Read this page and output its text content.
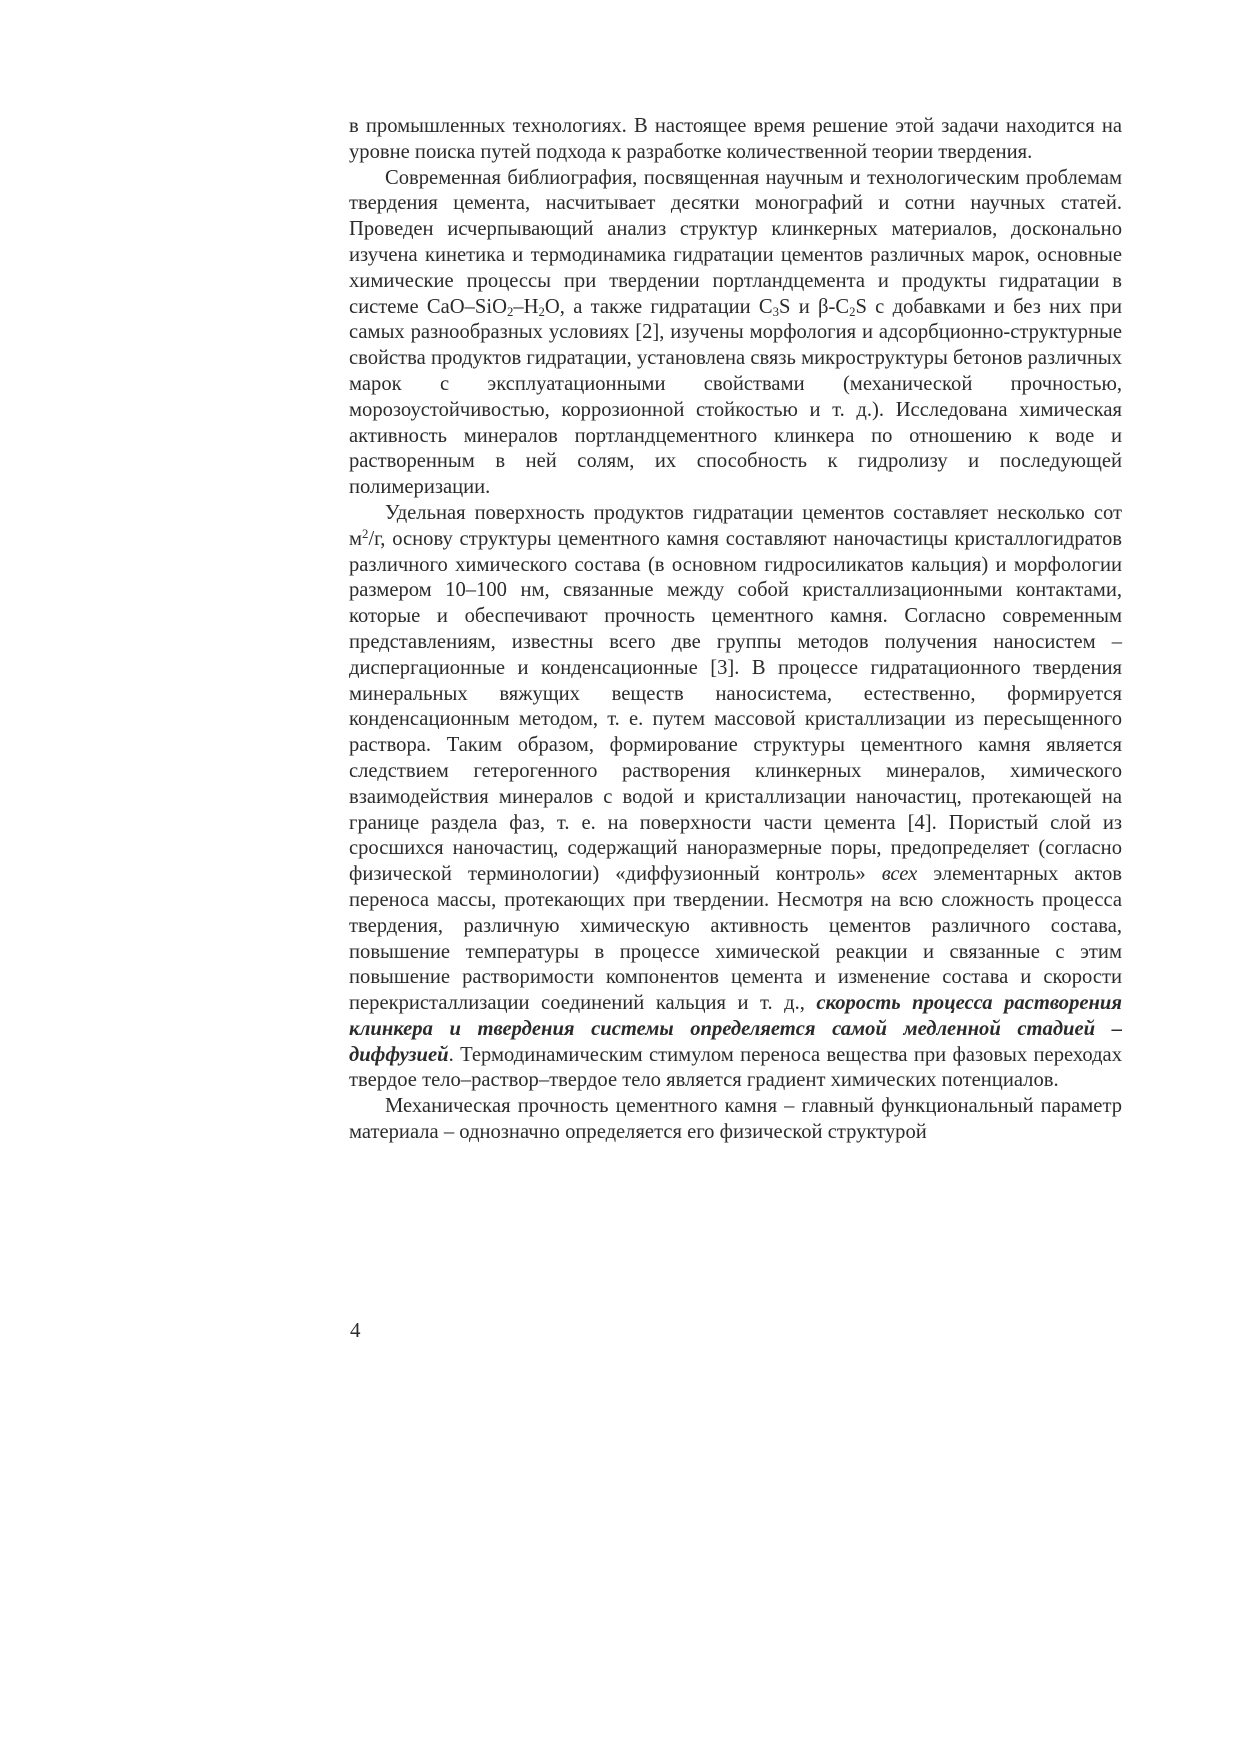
в промышленных технологиях. В настоящее время решение этой задачи находится на уровне поиска путей подхода к разработке количественной теории твердения.

Современная библиография, посвященная научным и технологическим проблемам твердения цемента, насчитывает десятки монографий и сотни научных статей. Проведен исчерпывающий анализ структур клинкерных материалов, досконально изучена кинетика и термодинамика гидратации цементов различных марок, основные химические процессы при твердении портландцемента и продукты гидратации в системе CaO–$SiO_2-H_2O$, а также гидратации $C_3S$ и $\beta-C_2S$ с добавками и без них при самых разнообразных условиях [2], изучены морфология и адсорбционно-структурные свойства продуктов гидратации, установлена связь микроструктуры бетонов различных марок с эксплуатационными свойствами (механической прочностью, морозоустойчивостью, коррозионной стойкостью и т. д.). Исследована химическая активность минералов портландцементного клинкера по отношению к воде и растворенным в ней солям, их способность к гидролизу и последующей полимеризации.

Удельная поверхность продуктов гидратации цементов составляет несколько сот $м^2/г$, основу структуры цементного камня составляют наночастицы кристаллогидратов различного химического состава (в основном гидросиликатов кальция) и морфологии размером 10–100 нм, связанные между собой кристаллизационными контактами, которые и обеспечивают прочность цементного камня. Согласно современным представлениям, известны всего две группы методов получения наносистем – диспергационные и конденсационные [3]. В процессе гидратационного твердения минеральных вяжущих веществ наносистема, естественно, формируется конденсационным методом, т. е. путем массовой кристаллизации из пересыщенного раствора. Таким образом, формирование структуры цементного камня является следствием гетерогенного растворения клинкерных минералов, химического взаимодействия минералов с водой и кристаллизации наночастиц, протекающей на границе раздела фаз, т. е. на поверхности части цемента [4]. Пористый слой из сросшихся наночастиц, содержащий наноразмерные поры, предопределяет (согласно физической терминологии) «диффузионный контроль» всех элементарных актов переноса массы, протекающих при твердении. Несмотря на всю сложность процесса твердения, различную химическую активность цементов различного состава, повышение температуры в процессе химической реакции и связанные с этим повышение растворимости компонентов цемента и изменение состава и скорости перекристаллизации соединений кальция и т. д., скорость процесса растворения клинкера и твердения системы определяется самой медленной стадией – диффузией. Термодинамическим стимулом переноса вещества при фазовых переходах твердое тело–раствор–твердое тело является градиент химических потенциалов.

Механическая прочность цементного камня – главный функциональный параметр материала – однозначно определяется его физической структурой

4
